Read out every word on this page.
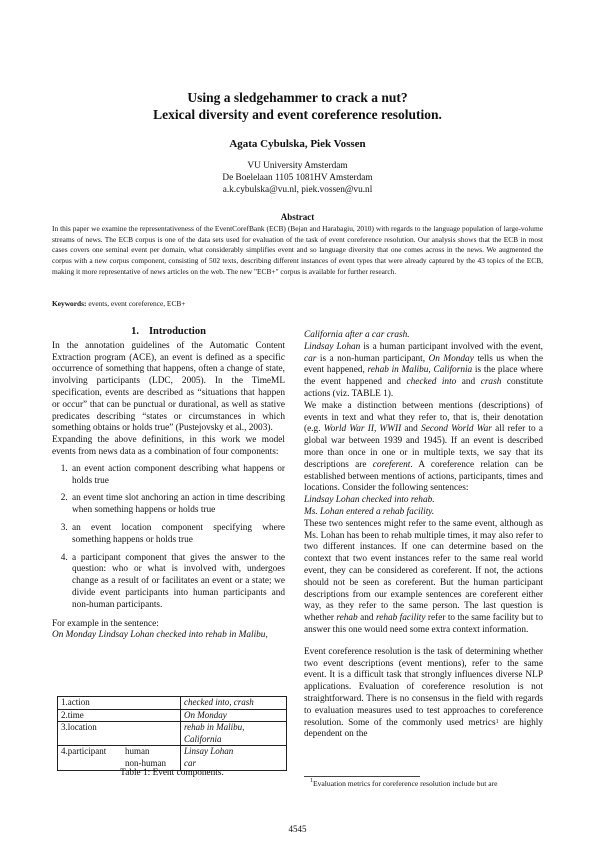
Using a sledgehammer to crack a nut?
Lexical diversity and event coreference resolution.
Agata Cybulska, Piek Vossen
VU University Amsterdam
De Boelelaan 1105 1081HV Amsterdam
a.k.cybulska@vu.nl, piek.vossen@vu.nl
Abstract
In this paper we examine the representativeness of the EventCorefBank (ECB) (Bejan and Harabagiu, 2010) with regards to the language population of large-volume streams of news. The ECB corpus is one of the data sets used for evaluation of the task of event coreference resolution. Our analysis shows that the ECB in most cases covers one seminal event per domain, what considerably simplifies event and so language diversity that one comes across in the news. We augmented the corpus with a new corpus component, consisting of 502 texts, describing different instances of event types that were already captured by the 43 topics of the ECB, making it more representative of news articles on the web. The new "ECB+" corpus is available for further research.
Keywords: events, event coreference, ECB+
1. Introduction

In the annotation guidelines of the Automatic Content Extraction program (ACE), an event is defined as a specific occurrence of something that happens, often a change of state, involving participants (LDC, 2005). In the TimeML specification, events are described as “situations that happen or occur” that can be punctual or durational, as well as stative predicates describing “states or circumstances in which something obtains or holds true” (Pustejovsky et al., 2003).

Expanding the above definitions, in this work we model events from news data as a combination of four components:

1. an event action component describing what happens or holds true
2. an event time slot anchoring an action in time describing when something happens or holds true
3. an event location component specifying where something happens or holds true
4. a participant component that gives the answer to the question: who or what is involved with, undergoes change as a result of or facilitates an event or a state; we divide event participants into human participants and non-human participants.

For example in the sentence:

On Monday Lindsay Lohan checked into rehab in Malibu,

1.action		checked into, crash
2.time		On Monday
3.location		rehab in Malibu, California
4.participant	human	Linsay Lohan
	non-human	car
Table 1: Event components.

California after a car crash.

Lindsay Lohan is a human participant involved with the event, car is a non-human participant, On Monday tells us when the event happened, rehab in Malibu, California is the place where the event happened and checked into and crash constitute actions (viz. TABLE 1).

We make a distinction between mentions (descriptions) of events in text and what they refer to, that is, their denotation (e.g. World War II, WWII and Second World War all refer to a global war between 1939 and 1945). If an event is described more than once in one or in multiple texts, we say that its descriptions are coreferent. A coreference relation can be established between mentions of actions, participants, times and locations. Consider the following sentences:

Lindsay Lohan checked into rehab.

Ms. Lohan entered a rehab facility.

These two sentences might refer to the same event, although as Ms. Lohan has been to rehab multiple times, it may also refer to two different instances. If one can determine based on the context that two event instances refer to the same real world event, they can be considered as coreferent. If not, the actions should not be seen as coreferent. But the human participant descriptions from our example sentences are coreferent either way, as they refer to the same person. The last question is whether rehab and rehab facility refer to the same facility but to answer this one would need some extra context information.

Event coreference resolution is the task of determining whether two event descriptions (event mentions), refer to the same event. It is a difficult task that strongly influences diverse NLP applications. Evaluation of coreference resolution is not straightforward. There is no consensus in the field with regards to evaluation measures used to test approaches to coreference resolution. Some of the commonly used metrics$^1$ are highly dependent on the

$^1$Evaluation metrics for coreference resolution include but are
4545
